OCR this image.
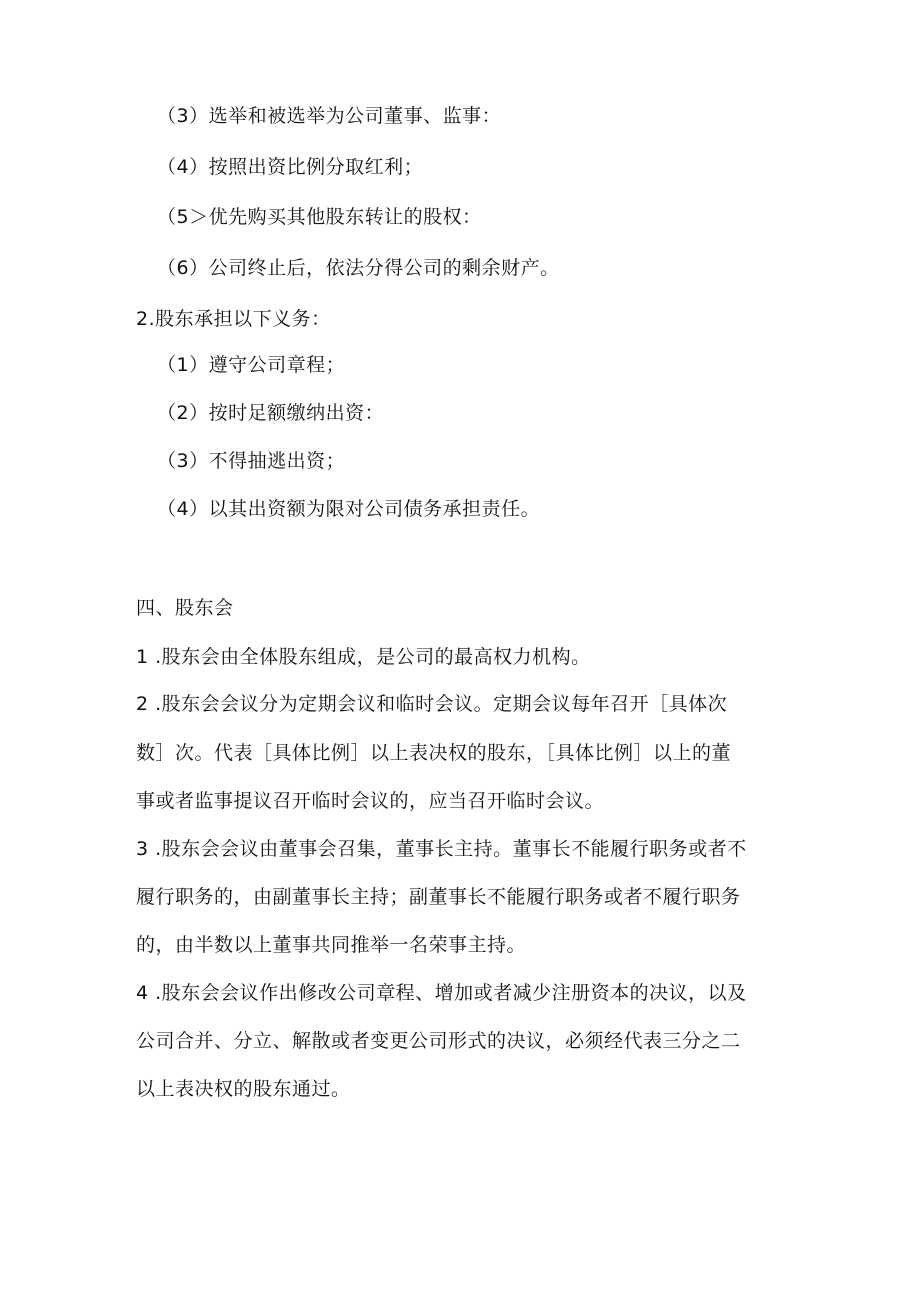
（3）选举和被选举为公司董事、监事：
（4）按照出资比例分取红利；
（5＞优先购买其他股东转让的股权：
（6）公司终止后，依法分得公司的剩余财产。
2.股东承担以下义务：
（1）遵守公司章程；
（2）按时足额缴纳出资：
（3）不得抽逃出资；
（4）以其出资额为限对公司债务承担责任。
四、股东会
1 .股东会由全体股东组成，是公司的最高权力机构。
2 .股东会会议分为定期会议和临时会议。定期会议每年召开［具体次
数］次。代表［具体比例］以上表决权的股东，［具体比例］以上的董
事或者监事提议召开临时会议的，应当召开临时会议。
3 .股东会会议由董事会召集，董事长主持。董事长不能履行职务或者不
履行职务的，由副董事长主持；副董事长不能履行职务或者不履行职务
的，由半数以上董事共同推举一名荣事主持。
4 .股东会会议作出修改公司章程、增加或者减少注册资本的决议，以及
公司合并、分立、解散或者变更公司形式的决议，必须经代表三分之二
以上表决权的股东通过。
